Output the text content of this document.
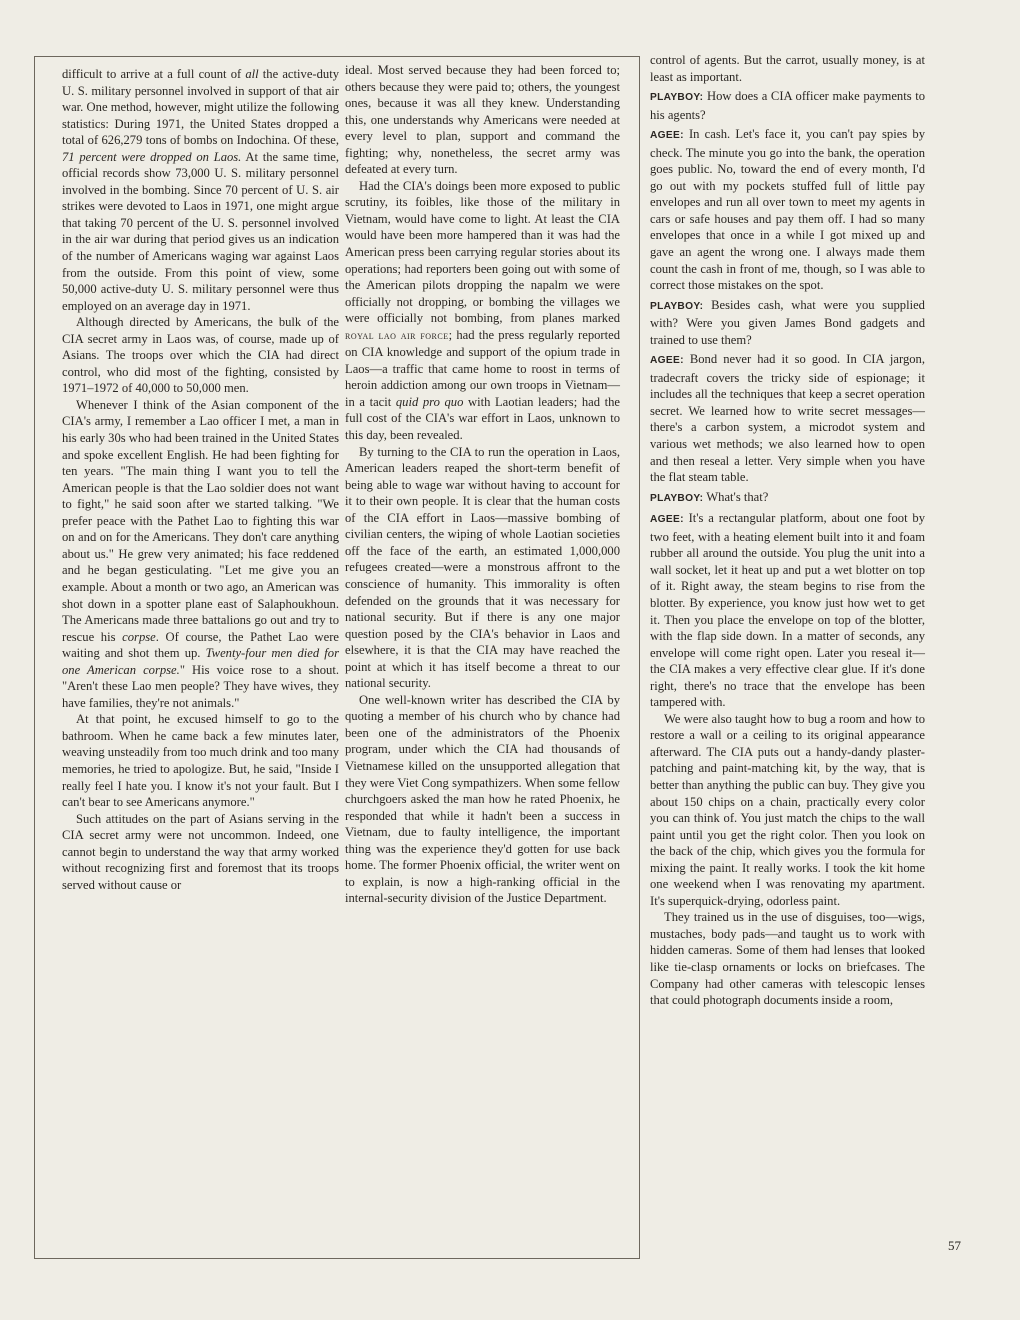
difficult to arrive at a full count of all the active-duty U. S. military personnel involved in support of that air war. One method, however, might utilize the following statistics: During 1971, the United States dropped a total of 626,279 tons of bombs on Indochina. Of these, 71 percent were dropped on Laos. At the same time, official records show 73,000 U. S. military personnel involved in the bombing. Since 70 percent of U. S. air strikes were devoted to Laos in 1971, one might argue that taking 70 percent of the U. S. personnel involved in the air war during that period gives us an indication of the number of Americans waging war against Laos from the outside. From this point of view, some 50,000 active-duty U. S. military personnel were thus employed on an average day in 1971.

Although directed by Americans, the bulk of the CIA secret army in Laos was, of course, made up of Asians. The troops over which the CIA had direct control, who did most of the fighting, consisted by 1971–1972 of 40,000 to 50,000 men.

Whenever I think of the Asian component of the CIA's army, I remember a Lao officer I met, a man in his early 30s who had been trained in the United States and spoke excellent English. He had been fighting for ten years. "The main thing I want you to tell the American people is that the Lao soldier does not want to fight," he said soon after we started talking. "We prefer peace with the Pathet Lao to fighting this war on and on for the Americans. They don't care anything about us." He grew very animated; his face reddened and he began gesticulating. "Let me give you an example. About a month or two ago, an American was shot down in a spotter plane east of Salaphoukhoun. The Americans made three battalions go out and try to rescue his corpse. Of course, the Pathet Lao were waiting and shot them up. Twenty-four men died for one American corpse." His voice rose to a shout. "Aren't these Lao men people? They have wives, they have families, they're not animals."

At that point, he excused himself to go to the bathroom. When he came back a few minutes later, weaving unsteadily from too much drink and too many memories, he tried to apologize. But, he said, "Inside I really feel I hate you. I know it's not your fault. But I can't bear to see Americans anymore."

Such attitudes on the part of Asians serving in the CIA secret army were not uncommon. Indeed, one cannot begin to understand the way that army worked without recognizing first and foremost that its troops served without cause or

ideal. Most served because they had been forced to; others because they were paid to; others, the youngest ones, because it was all they knew. Understanding this, one understands why Americans were needed at every level to plan, support and command the fighting; why, nonetheless, the secret army was defeated at every turn.

Had the CIA's doings been more exposed to public scrutiny, its foibles, like those of the military in Vietnam, would have come to light. At least the CIA would have been more hampered than it was had the American press been carrying regular stories about its operations; had reporters been going out with some of the American pilots dropping the napalm we were officially not dropping, or bombing the villages we were officially not bombing, from planes marked royal lao air force; had the press regularly reported on CIA knowledge and support of the opium trade in Laos—a traffic that came home to roost in terms of heroin addiction among our own troops in Vietnam—in a tacit quid pro quo with Laotian leaders; had the full cost of the CIA's war effort in Laos, unknown to this day, been revealed.

By turning to the CIA to run the operation in Laos, American leaders reaped the short-term benefit of being able to wage war without having to account for it to their own people. It is clear that the human costs of the CIA effort in Laos—massive bombing of civilian centers, the wiping of whole Laotian societies off the face of the earth, an estimated 1,000,000 refugees created—were a monstrous affront to the conscience of humanity. This immorality is often defended on the grounds that it was necessary for national security. But if there is any one major question posed by the CIA's behavior in Laos and elsewhere, it is that the CIA may have reached the point at which it has itself become a threat to our national security.

One well-known writer has described the CIA by quoting a member of his church who by chance had been one of the administrators of the Phoenix program, under which the CIA had thousands of Vietnamese killed on the unsupported allegation that they were Viet Cong sympathizers. When some fellow churchgoers asked the man how he rated Phoenix, he responded that while it hadn't been a success in Vietnam, due to faulty intelligence, the important thing was the experience they'd gotten for use back home. The former Phoenix official, the writer went on to explain, is now a high-ranking official in the internal-security division of the Justice Department.

control of agents. But the carrot, usually money, is at least as important.

PLAYBOY: How does a CIA officer make payments to his agents?

AGEE: In cash. Let's face it, you can't pay spies by check. The minute you go into the bank, the operation goes public. No, toward the end of every month, I'd go out with my pockets stuffed full of little pay envelopes and run all over town to meet my agents in cars or safe houses and pay them off. I had so many envelopes that once in a while I got mixed up and gave an agent the wrong one. I always made them count the cash in front of me, though, so I was able to correct those mistakes on the spot.

PLAYBOY: Besides cash, what were you supplied with? Were you given James Bond gadgets and trained to use them?

AGEE: Bond never had it so good. In CIA jargon, tradecraft covers the tricky side of espionage; it includes all the techniques that keep a secret operation secret. We learned how to write secret messages—there's a carbon system, a microdot system and various wet methods; we also learned how to open and then reseal a letter. Very simple when you have the flat steam table.

PLAYBOY: What's that?

AGEE: It's a rectangular platform, about one foot by two feet, with a heating element built into it and foam rubber all around the outside. You plug the unit into a wall socket, let it heat up and put a wet blotter on top of it. Right away, the steam begins to rise from the blotter. By experience, you know just how wet to get it. Then you place the envelope on top of the blotter, with the flap side down. In a matter of seconds, any envelope will come right open. Later you reseal it—the CIA makes a very effective clear glue. If it's done right, there's no trace that the envelope has been tampered with.

We were also taught how to bug a room and how to restore a wall or a ceiling to its original appearance afterward. The CIA puts out a handy-dandy plaster-patching and paint-matching kit, by the way, that is better than anything the public can buy. They give you about 150 chips on a chain, practically every color you can think of. You just match the chips to the wall paint until you get the right color. Then you look on the back of the chip, which gives you the formula for mixing the paint. It really works. I took the kit home one weekend when I was renovating my apartment. It's superquick-drying, odorless paint.

They trained us in the use of disguises, too—wigs, mustaches, body pads—and taught us to work with hidden cameras. Some of them had lenses that looked like tie-clasp ornaments or locks on briefcases. The Company had other cameras with telescopic lenses that could photograph documents inside a room,

57
